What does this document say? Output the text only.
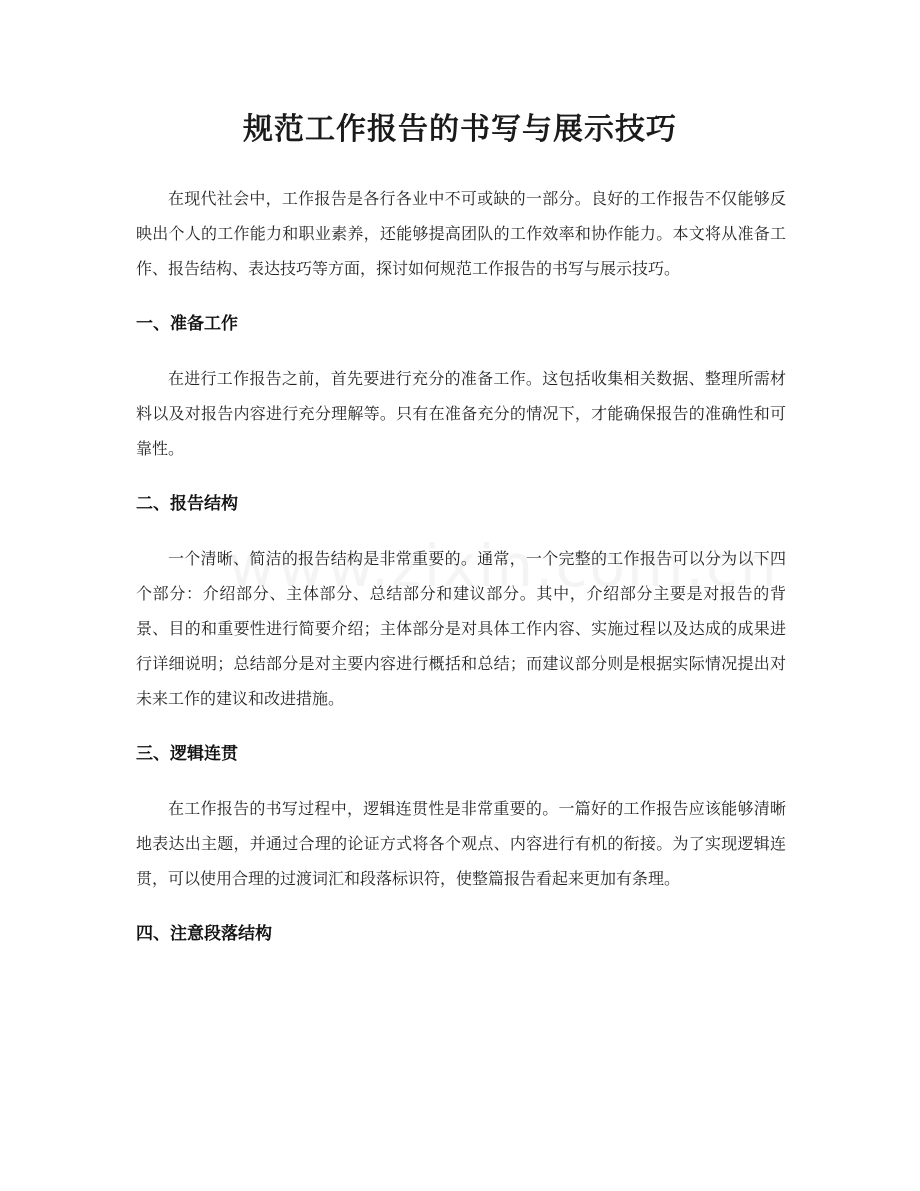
规范工作报告的书写与展示技巧

在现代社会中，工作报告是各行各业中不可或缺的一部分。良好的工作报告不仅能够反映出个人的工作能力和职业素养，还能够提高团队的工作效率和协作能力。本文将从准备工作、报告结构、表达技巧等方面，探讨如何规范工作报告的书写与展示技巧。

一、准备工作

在进行工作报告之前，首先要进行充分的准备工作。这包括收集相关数据、整理所需材料以及对报告内容进行充分理解等。只有在准备充分的情况下，才能确保报告的准确性和可靠性。

二、报告结构

一个清晰、简洁的报告结构是非常重要的。通常，一个完整的工作报告可以分为以下四个部分：介绍部分、主体部分、总结部分和建议部分。其中，介绍部分主要是对报告的背景、目的和重要性进行简要介绍；主体部分是对具体工作内容、实施过程以及达成的成果进行详细说明；总结部分是对主要内容进行概括和总结；而建议部分则是根据实际情况提出对未来工作的建议和改进措施。

三、逻辑连贯

在工作报告的书写过程中，逻辑连贯性是非常重要的。一篇好的工作报告应该能够清晰地表达出主题，并通过合理的论证方式将各个观点、内容进行有机的衔接。为了实现逻辑连贯，可以使用合理的过渡词汇和段落标识符，使整篇报告看起来更加有条理。

四、注意段落结构
